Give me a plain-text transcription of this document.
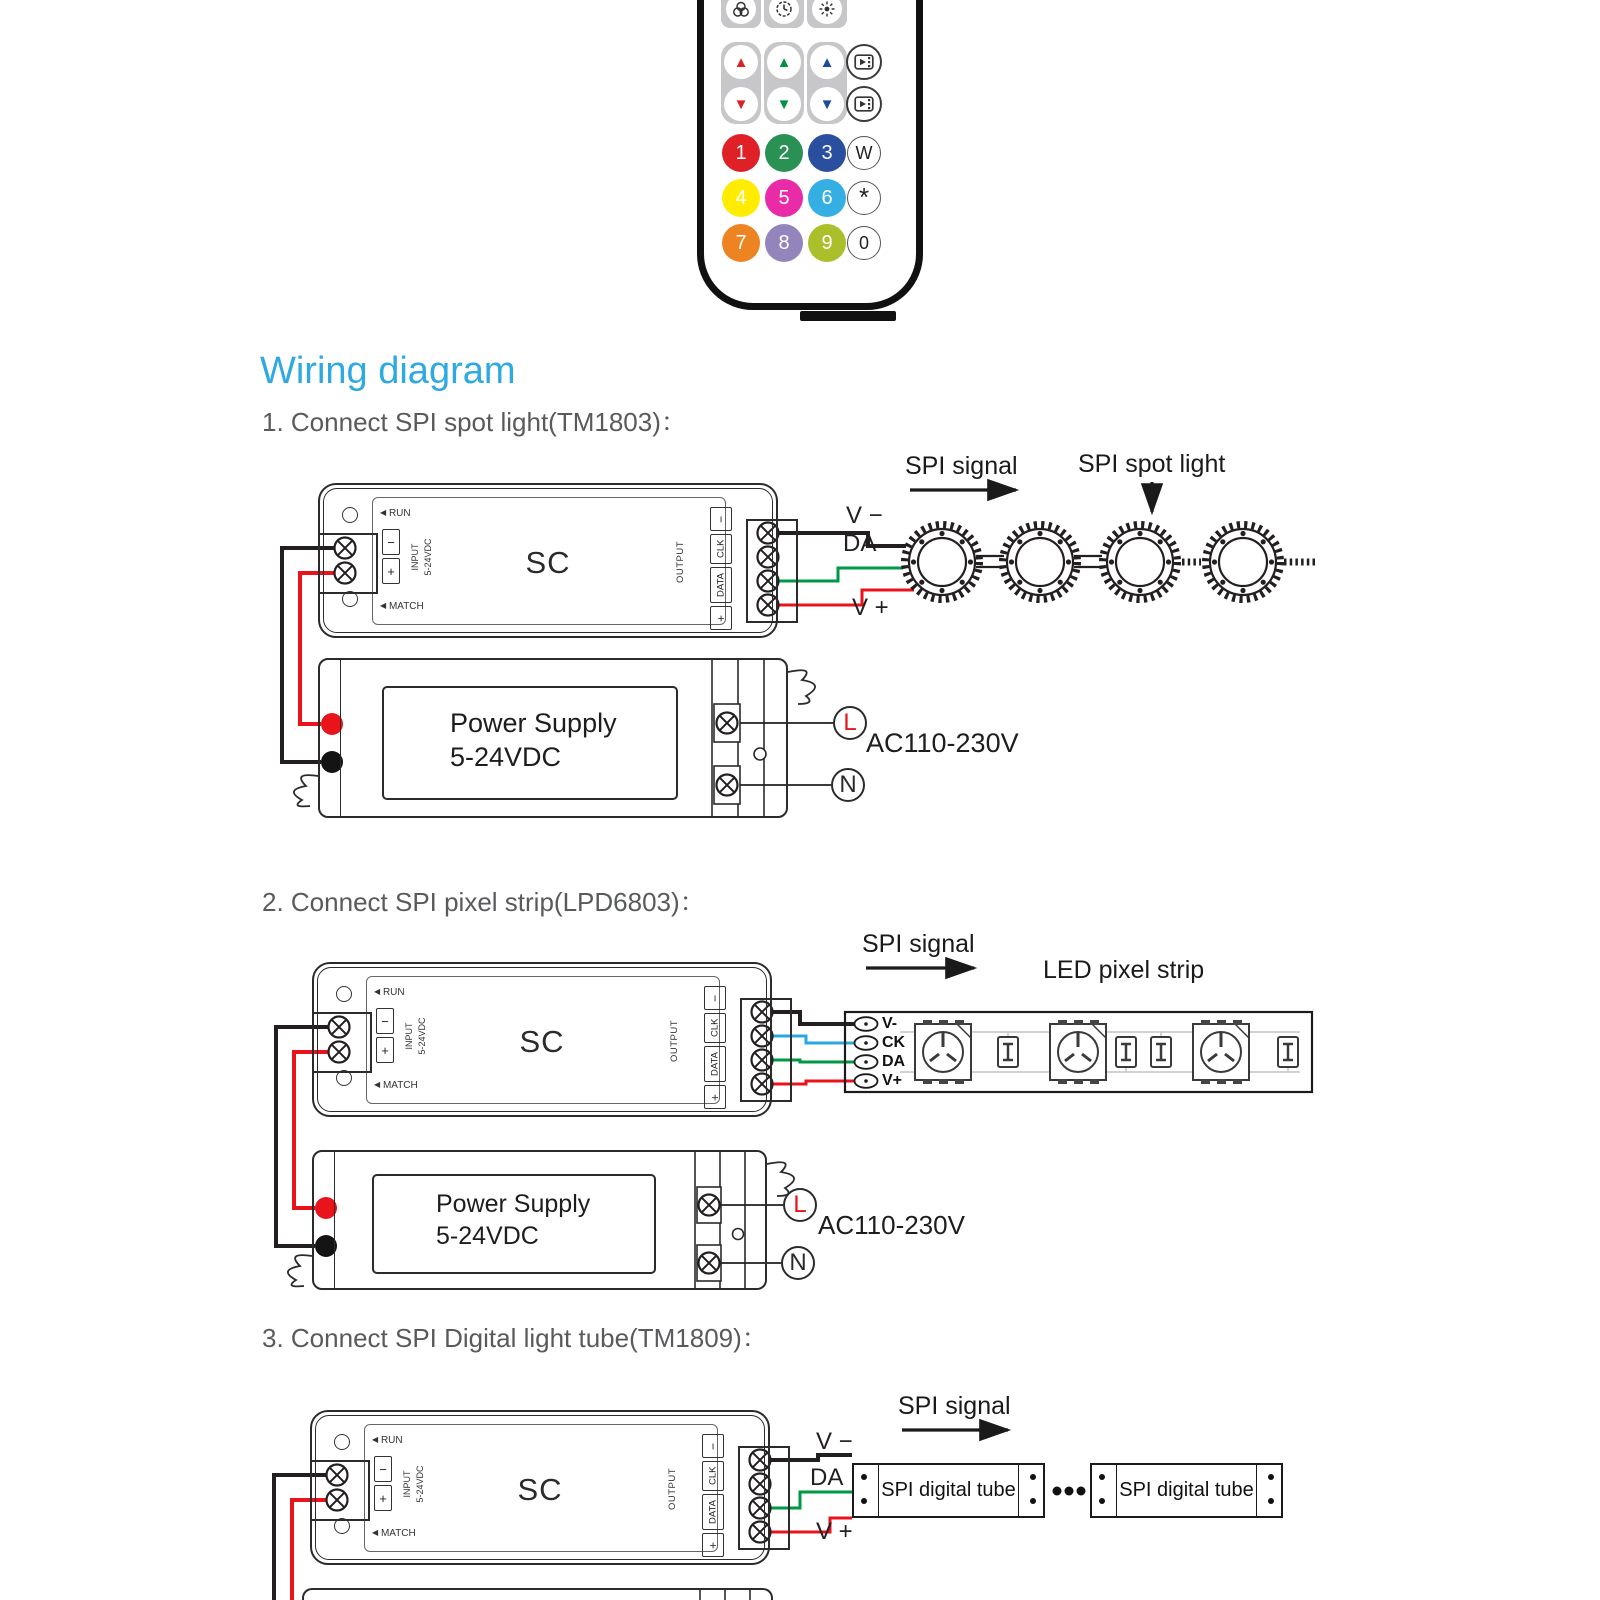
▲ ▲ ▲
▼ ▼ ▼
1	2	3
4	5	6
7	8	9
W
*
0
Wiring diagram
1. Connect SPI spot light(TM1803)：
2. Connect SPI pixel strip(LPD6803)：
3. Connect SPI Digital light tube(TM1809)：
◀ RUN
◀ MATCH
−
+
INPUT 5-24VDC	SC	OUTPUT
−
CLK
DATA
+
SPI signal SPI spot light
V −
DA
V +
Power Supply
5-24VDC
L
N
AC110-230V
◀ RUN
◀ MATCH
−
+
INPUT 5-24VDC	SC	OUTPUT
−
CLK
DATA
+
SPI signal
LED pixel strip
V-
CK
DA
V+
Power Supply
5-24VDC
L
N
AC110-230V
◀ RUN
◀ MATCH
−
+
INPUT 5-24VDC	SC	OUTPUT
−
CLK
DATA
+
SPI signal
V −
DA
V +
SPI digital tube	SPI digital tube
